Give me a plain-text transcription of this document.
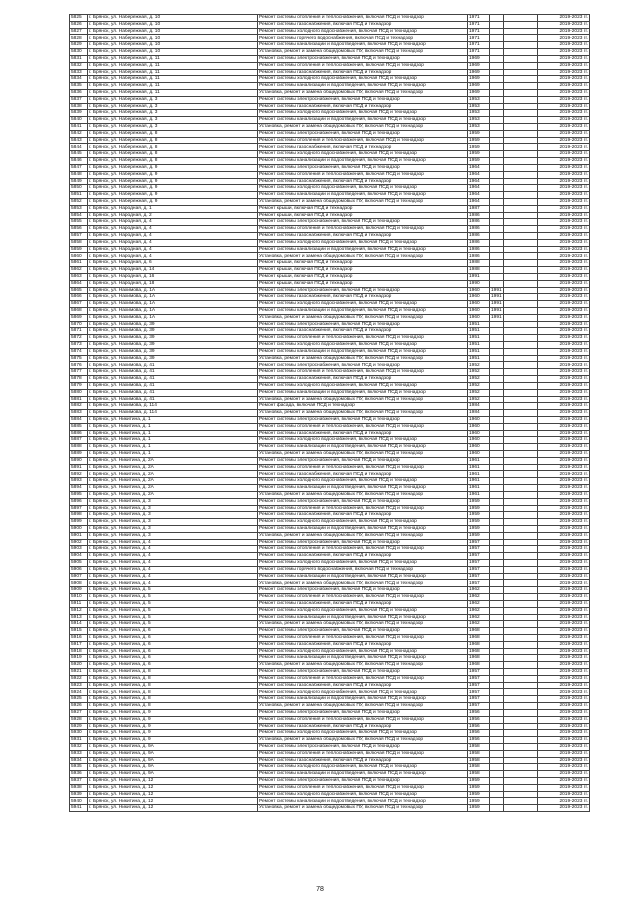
5825	г. Брянск, ул. Набережная, д. 10	Ремонт системы отопления и теплоснабжения, включая ПСД и технадзор	1971			2019-2023 гг.
5826	г. Брянск, ул. Набережная, д. 10	Ремонт системы газоснабжения, включая ПСД и технадзор	1971			2019-2023 гг.
5827	г. Брянск, ул. Набережная, д. 10	Ремонт системы холодного водоснабжения, включая ПСД и технадзор	1971			2019-2023 гг.
5828	г. Брянск, ул. Набережная, д. 10	Ремонт системы горячего водоснабжения, включая ПСД и технадзор	1971			2019-2023 гг.
5829	г. Брянск, ул. Набережная, д. 10	Ремонт системы канализации и водоотведения, включая ПСД и технадзор	1971			2019-2023 гг.
5830	г. Брянск, ул. Набережная, д. 10	Установка, ремонт и замена общедомовых ПУ, включая ПСД и технадзор	1971			2019-2023 гг.
5831	г. Брянск, ул. Набережная, д. 11	Ремонт системы электроснабжения, включая ПСД и технадзор	1969			2019-2023 гг.
5832	г. Брянск, ул. Набережная, д. 11	Ремонт системы отопления и теплоснабжения, включая ПСД и технадзор	1969			2019-2023 гг.
5833	г. Брянск, ул. Набережная, д. 11	Ремонт системы газоснабжения, включая ПСД и технадзор	1969			2019-2023 гг.
5834	г. Брянск, ул. Набережная, д. 11	Ремонт системы холодного водоснабжения, включая ПСД и технадзор	1969			2019-2023 гг.
5835	г. Брянск, ул. Набережная, д. 11	Ремонт системы канализации и водоотведения, включая ПСД и технадзор	1969			2019-2023 гг.
5836	г. Брянск, ул. Набережная, д. 11	Установка, ремонт и замена общедомовых ПУ, включая ПСД и технадзор	1969			2019-2023 гг.
5837	г. Брянск, ул. Набережная, д. 3	Ремонт системы электроснабжения, включая ПСД и технадзор	1953			2019-2023 гг.
5838	г. Брянск, ул. Набережная, д. 3	Ремонт системы газоснабжения, включая ПСД и технадзор	1953			2019-2023 гг.
5839	г. Брянск, ул. Набережная, д. 3	Ремонт системы холодного водоснабжения, включая ПСД и технадзор	1953			2019-2023 гг.
5840	г. Брянск, ул. Набережная, д. 3	Ремонт системы канализации и водоотведения, включая ПСД и технадзор	1953			2019-2023 гг.
5841	г. Брянск, ул. Набережная, д. 3	Установка, ремонт и замена общедомовых ПУ, включая ПСД и технадзор	1953			2019-2023 гг.
5842	г. Брянск, ул. Набережная, д. 8	Ремонт системы электроснабжения, включая ПСД и технадзор	1959			2019-2023 гг.
5843	г. Брянск, ул. Набережная, д. 8	Ремонт системы отопления и теплоснабжения, включая ПСД и технадзор	1959			2019-2023 гг.
5844	г. Брянск, ул. Набережная, д. 8	Ремонт системы газоснабжения, включая ПСД и технадзор	1959			2019-2023 гг.
5845	г. Брянск, ул. Набережная, д. 8	Ремонт системы холодного водоснабжения, включая ПСД и технадзор	1959			2019-2023 гг.
5846	г. Брянск, ул. Набережная, д. 8	Ремонт системы канализации и водоотведения, включая ПСД и технадзор	1959			2019-2023 гг.
5847	г. Брянск, ул. Набережная, д. 9	Ремонт системы электроснабжения, включая ПСД и технадзор	1964			2019-2023 гг.
5848	г. Брянск, ул. Набережная, д. 9	Ремонт системы отопления и теплоснабжения, включая ПСД и технадзор	1964			2019-2023 гг.
5849	г. Брянск, ул. Набережная, д. 9	Ремонт системы газоснабжения, включая ПСД и технадзор	1964			2019-2023 гг.
5850	г. Брянск, ул. Набережная, д. 9	Ремонт системы холодного водоснабжения, включая ПСД и технадзор	1964			2019-2023 гг.
5851	г. Брянск, ул. Набережная, д. 9	Ремонт системы канализации и водоотведения, включая ПСД и технадзор	1964			2019-2023 гг.
5852	г. Брянск, ул. Набережная, д. 9	Установка, ремонт и замена общедомовых ПУ, включая ПСД и технадзор	1964			2019-2023 гг.
5853	г. Брянск, ул. Народная, д. 1	Ремонт крыши, включая ПСД и технадзор	1987			2019-2023 гг.
5854	г. Брянск, ул. Народная, д. 2	Ремонт крыши, включая ПСД и технадзор	1986			2019-2023 гг.
5855	г. Брянск, ул. Народная, д. 4	Ремонт системы электроснабжения, включая ПСД и технадзор	1986			2019-2023 гг.
5856	г. Брянск, ул. Народная, д. 4	Ремонт системы отопления и теплоснабжения, включая ПСД и технадзор	1986			2019-2023 гг.
5857	г. Брянск, ул. Народная, д. 4	Ремонт системы газоснабжения, включая ПСД и технадзор	1986			2019-2023 гг.
5858	г. Брянск, ул. Народная, д. 4	Ремонт системы холодного водоснабжения, включая ПСД и технадзор	1986			2019-2023 гг.
5859	г. Брянск, ул. Народная, д. 4	Ремонт системы канализации и водоотведения, включая ПСД и технадзор	1986			2019-2023 гг.
5860	г. Брянск, ул. Народная, д. 4	Установка, ремонт и замена общедомовых ПУ, включая ПСД и технадзор	1986			2019-2023 гг.
5861	г. Брянск, ул. Народная, д. 6	Ремонт крыши, включая ПСД и технадзор	1988			2019-2023 гг.
5862	г. Брянск, ул. Народная, д. 14	Ремонт крыши, включая ПСД и технадзор	1988			2019-2023 гг.
5863	г. Брянск, ул. Народная, д. 16	Ремонт крыши, включая ПСД и технадзор	1991			2019-2023 гг.
5864	г. Брянск, ул. Народная, д. 18	Ремонт крыши, включая ПСД и технадзор	1990			2019-2023 гг.
5865	г. Брянск, ул. Нахимова, д. 1А	Ремонт системы электроснабжения, включая ПСД и технадзор	1960	1991		2019-2023 гг.
5866	г. Брянск, ул. Нахимова, д. 1А	Ремонт системы газоснабжения, включая ПСД и технадзор	1960	1991		2019-2023 гг.
5867	г. Брянск, ул. Нахимова, д. 1А	Ремонт системы холодного водоснабжения, включая ПСД и технадзор	1960	1991		2019-2023 гг.
5868	г. Брянск, ул. Нахимова, д. 1А	Ремонт системы канализации и водоотведения, включая ПСД и технадзор	1960	1991		2019-2023 гг.
5869	г. Брянск, ул. Нахимова, д. 1А	Установка, ремонт и замена общедомовых ПУ, включая ПСД и технадзор	1960	1991		2019-2023 гг.
5870	г. Брянск, ул. Нахимова, д. 39	Ремонт системы электроснабжения, включая ПСД и технадзор	1951			2019-2023 гг.
5871	г. Брянск, ул. Нахимова, д. 39	Ремонт системы газоснабжения, включая ПСД и технадзор	1951			2019-2023 гг.
5872	г. Брянск, ул. Нахимова, д. 39	Ремонт системы отопления и теплоснабжения, включая ПСД и технадзор	1951			2019-2023 гг.
5873	г. Брянск, ул. Нахимова, д. 39	Ремонт системы холодного водоснабжения, включая ПСД и технадзор	1951			2019-2023 гг.
5874	г. Брянск, ул. Нахимова, д. 39	Ремонт системы канализации и водоотведения, включая ПСД и технадзор	1951			2019-2023 гг.
5875	г. Брянск, ул. Нахимова, д. 39	Установка, ремонт и замена общедомовых ПУ, включая ПСД и технадзор	1951			2019-2023 гг.
5876	г. Брянск, ул. Нахимова, д. 41	Ремонт системы электроснабжения, включая ПСД и технадзор	1952			2019-2023 гг.
5877	г. Брянск, ул. Нахимова, д. 41	Ремонт системы отопления и теплоснабжения, включая ПСД и технадзор	1952			2019-2023 гг.
5878	г. Брянск, ул. Нахимова, д. 41	Ремонт системы газоснабжения, включая ПСД и технадзор	1952			2019-2023 гг.
5879	г. Брянск, ул. Нахимова, д. 41	Ремонт системы холодного водоснабжения, включая ПСД и технадзор	1952			2019-2023 гг.
5880	г. Брянск, ул. Нахимова, д. 41	Ремонт системы канализации и водоотведения, включая ПСД и технадзор	1952			2019-2023 гг.
5881	г. Брянск, ул. Нахимова, д. 41	Установка, ремонт и замена общедомовых ПУ, включая ПСД и технадзор	1952			2019-2023 гг.
5882	г. Брянск, ул. Нахимова, д. 114	Ремонт фасада, включая ПСД и технадзор	1984			2019-2023 гг.
5883	г. Брянск, ул. Нахимова, д. 114	Установка, ремонт и замена общедомовых ПУ, включая ПСД и технадзор	1984			2019-2023 гг.
5884	г. Брянск, ул. Никитина, д. 1	Ремонт системы электроснабжения, включая ПСД и технадзор	1960			2019-2023 гг.
5885	г. Брянск, ул. Никитина, д. 1	Ремонт системы отопления и теплоснабжения, включая ПСД и технадзор	1960			2019-2023 гг.
5886	г. Брянск, ул. Никитина, д. 1	Ремонт системы газоснабжения, включая ПСД и технадзор	1960			2019-2023 гг.
5887	г. Брянск, ул. Никитина, д. 1	Ремонт системы холодного водоснабжения, включая ПСД и технадзор	1960			2019-2023 гг.
5888	г. Брянск, ул. Никитина, д. 1	Ремонт системы канализации и водоотведения, включая ПСД и технадзор	1960			2019-2023 гг.
5889	г. Брянск, ул. Никитина, д. 1	Установка, ремонт и замена общедомовых ПУ, включая ПСД и технадзор	1960			2019-2023 гг.
5890	г. Брянск, ул. Никитина, д. 2А	Ремонт системы электроснабжения, включая ПСД и технадзор	1961			2019-2023 гг.
5891	г. Брянск, ул. Никитина, д. 2А	Ремонт системы отопления и теплоснабжения, включая ПСД и технадзор	1961			2019-2023 гг.
5892	г. Брянск, ул. Никитина, д. 2А	Ремонт системы газоснабжения, включая ПСД и технадзор	1961			2019-2023 гг.
5893	г. Брянск, ул. Никитина, д. 2А	Ремонт системы холодного водоснабжения, включая ПСД и технадзор	1961			2019-2023 гг.
5894	г. Брянск, ул. Никитина, д. 2А	Ремонт системы канализации и водоотведения, включая ПСД и технадзор	1961			2019-2023 гг.
5895	г. Брянск, ул. Никитина, д. 2А	Установка, ремонт и замена общедомовых ПУ, включая ПСД и технадзор	1961			2019-2023 гг.
5896	г. Брянск, ул. Никитина, д. 3	Ремонт системы электроснабжения, включая ПСД и технадзор	1959			2019-2023 гг.
5897	г. Брянск, ул. Никитина, д. 3	Ремонт системы отопления и теплоснабжения, включая ПСД и технадзор	1959			2019-2023 гг.
5898	г. Брянск, ул. Никитина, д. 3	Ремонт системы газоснабжения, включая ПСД и технадзор	1959			2019-2023 гг.
5899	г. Брянск, ул. Никитина, д. 3	Ремонт системы холодного водоснабжения, включая ПСД и технадзор	1959			2019-2023 гг.
5900	г. Брянск, ул. Никитина, д. 3	Ремонт системы канализации и водоотведения, включая ПСД и технадзор	1959			2019-2023 гг.
5901	г. Брянск, ул. Никитина, д. 3	Установка, ремонт и замена общедомовых ПУ, включая ПСД и технадзор	1959			2019-2023 гг.
5902	г. Брянск, ул. Никитина, д. 4	Ремонт системы электроснабжения, включая ПСД и технадзор	1957			2019-2023 гг.
5903	г. Брянск, ул. Никитина, д. 4	Ремонт системы отопления и теплоснабжения, включая ПСД и технадзор	1957			2019-2023 гг.
5904	г. Брянск, ул. Никитина, д. 4	Ремонт системы газоснабжения, включая ПСД и технадзор	1957			2019-2023 гг.
5905	г. Брянск, ул. Никитина, д. 4	Ремонт системы холодного водоснабжения, включая ПСД и технадзор	1957			2019-2023 гг.
5906	г. Брянск, ул. Никитина, д. 4	Ремонт системы горячего водоснабжения, включая ПСД и технадзор	1957			2019-2023 гг.
5907	г. Брянск, ул. Никитина, д. 4	Ремонт системы канализации и водоотведения, включая ПСД и технадзор	1957			2019-2023 гг.
5908	г. Брянск, ул. Никитина, д. 4	Установка, ремонт и замена общедомовых ПУ, включая ПСД и технадзор	1957			2019-2023 гг.
5909	г. Брянск, ул. Никитина, д. 5	Ремонт системы электроснабжения, включая ПСД и технадзор	1962			2019-2023 гг.
5910	г. Брянск, ул. Никитина, д. 5	Ремонт системы отопления и теплоснабжения, включая ПСД и технадзор	1962			2019-2023 гг.
5911	г. Брянск, ул. Никитина, д. 5	Ремонт системы газоснабжения, включая ПСД и технадзор	1962			2019-2023 гг.
5912	г. Брянск, ул. Никитина, д. 5	Ремонт системы холодного водоснабжения, включая ПСД и технадзор	1962			2019-2023 гг.
5913	г. Брянск, ул. Никитина, д. 5	Ремонт системы канализации и водоотведения, включая ПСД и технадзор	1962			2019-2023 гг.
5914	г. Брянск, ул. Никитина, д. 5	Установка, ремонт и замена общедомовых ПУ, включая ПСД и технадзор	1962			2019-2023 гг.
5915	г. Брянск, ул. Никитина, д. 6	Ремонт системы электроснабжения, включая ПСД и технадзор	1968			2019-2023 гг.
5916	г. Брянск, ул. Никитина, д. 6	Ремонт системы отопления и теплоснабжения, включая ПСД и технадзор	1968			2019-2023 гг.
5917	г. Брянск, ул. Никитина, д. 6	Ремонт системы газоснабжения, включая ПСД и технадзор	1968			2019-2023 гг.
5918	г. Брянск, ул. Никитина, д. 6	Ремонт системы холодного водоснабжения, включая ПСД и технадзор	1968			2019-2023 гг.
5919	г. Брянск, ул. Никитина, д. 6	Ремонт системы канализации и водоотведения, включая ПСД и технадзор	1968			2019-2023 гг.
5920	г. Брянск, ул. Никитина, д. 6	Установка, ремонт и замена общедомовых ПУ, включая ПСД и технадзор	1968			2019-2023 гг.
5921	г. Брянск, ул. Никитина, д. 8	Ремонт системы электроснабжения, включая ПСД и технадзор	1957			2019-2023 гг.
5922	г. Брянск, ул. Никитина, д. 8	Ремонт системы отопления и теплоснабжения, включая ПСД и технадзор	1957			2019-2023 гг.
5923	г. Брянск, ул. Никитина, д. 8	Ремонт системы газоснабжения, включая ПСД и технадзор	1957			2019-2023 гг.
5924	г. Брянск, ул. Никитина, д. 8	Ремонт системы холодного водоснабжения, включая ПСД и технадзор	1957			2019-2023 гг.
5925	г. Брянск, ул. Никитина, д. 8	Ремонт системы канализации и водоотведения, включая ПСД и технадзор	1957			2019-2023 гг.
5926	г. Брянск, ул. Никитина, д. 8	Установка, ремонт и замена общедомовых ПУ, включая ПСД и технадзор	1957			2019-2023 гг.
5927	г. Брянск, ул. Никитина, д. 9	Ремонт системы электроснабжения, включая ПСД и технадзор	1956			2019-2023 гг.
5928	г. Брянск, ул. Никитина, д. 9	Ремонт системы отопления и теплоснабжения, включая ПСД и технадзор	1956			2019-2023 гг.
5929	г. Брянск, ул. Никитина, д. 9	Ремонт системы газоснабжения, включая ПСД и технадзор	1956			2019-2023 гг.
5930	г. Брянск, ул. Никитина, д. 9	Ремонт системы холодного водоснабжения, включая ПСД и технадзор	1956			2019-2023 гг.
5931	г. Брянск, ул. Никитина, д. 9	Установка, ремонт и замена общедомовых ПУ, включая ПСД и технадзор	1956			2019-2023 гг.
5932	г. Брянск, ул. Никитина, д. 9А	Ремонт системы электроснабжения, включая ПСД и технадзор	1958			2019-2023 гг.
5933	г. Брянск, ул. Никитина, д. 9А	Ремонт системы отопления и теплоснабжения, включая ПСД и технадзор	1958			2019-2023 гг.
5934	г. Брянск, ул. Никитина, д. 9А	Ремонт системы газоснабжения, включая ПСД и технадзор	1958			2019-2023 гг.
5935	г. Брянск, ул. Никитина, д. 9А	Ремонт системы холодного водоснабжения, включая ПСД и технадзор	1958			2019-2023 гг.
5936	г. Брянск, ул. Никитина, д. 9А	Ремонт системы канализации и водоотведения, включая ПСД и технадзор	1958			2019-2023 гг.
5937	г. Брянск, ул. Никитина, д. 12	Ремонт системы электроснабжения, включая ПСД и технадзор	1959			2019-2023 гг.
5938	г. Брянск, ул. Никитина, д. 12	Ремонт системы отопления и теплоснабжения, включая ПСД и технадзор	1959			2019-2023 гг.
5939	г. Брянск, ул. Никитина, д. 12	Ремонт системы холодного водоснабжения, включая ПСД и технадзор	1959			2019-2023 гг.
5940	г. Брянск, ул. Никитина, д. 12	Ремонт системы канализации и водоотведения, включая ПСД и технадзор	1959			2019-2023 гг.
5941	г. Брянск, ул. Никитина, д. 12	Установка, ремонт и замена общедомовых ПУ, включая ПСД и технадзор	1959			2019-2023 гг.
78
